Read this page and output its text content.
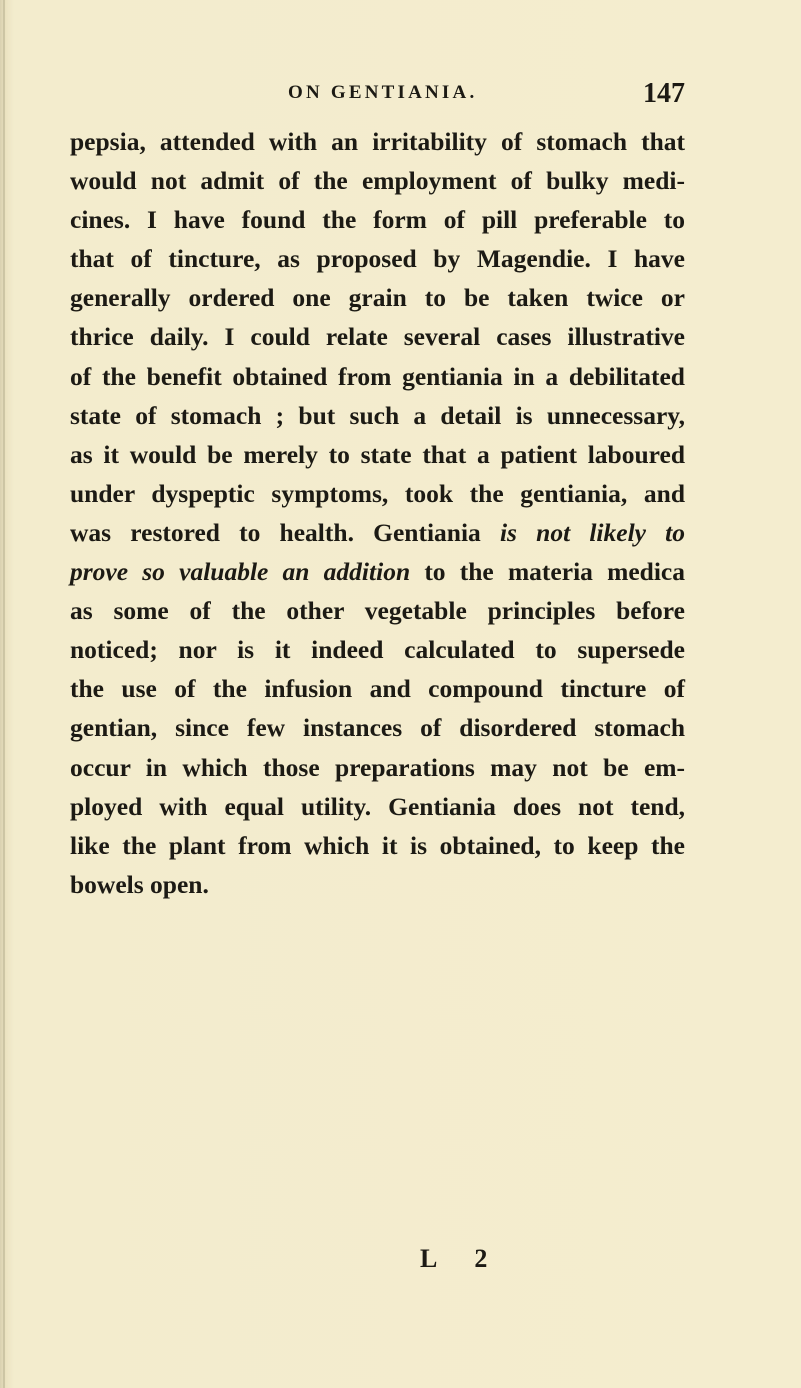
ON GENTIANIA.	147
pepsia, attended with an irritability of stomach that
would not admit of the employment of bulky medi-
cines. I have found the form of pill preferable to
that of tincture, as proposed by Magendie. I have
generally ordered one grain to be taken twice or
thrice daily. I could relate several cases illustrative
of the benefit obtained from gentiania in a debilitated
state of stomach ; but such a detail is unnecessary,
as it would be merely to state that a patient laboured
under dyspeptic symptoms, took the gentiania, and
was restored to health. Gentiania is not likely to
prove so valuable an addition to the materia medica
as some of the other vegetable principles before
noticed; nor is it indeed calculated to supersede
the use of the infusion and compound tincture of
gentian, since few instances of disordered stomach
occur in which those preparations may not be em-
ployed with equal utility. Gentiania does not tend,
like the plant from which it is obtained, to keep the
bowels open.
L 2
